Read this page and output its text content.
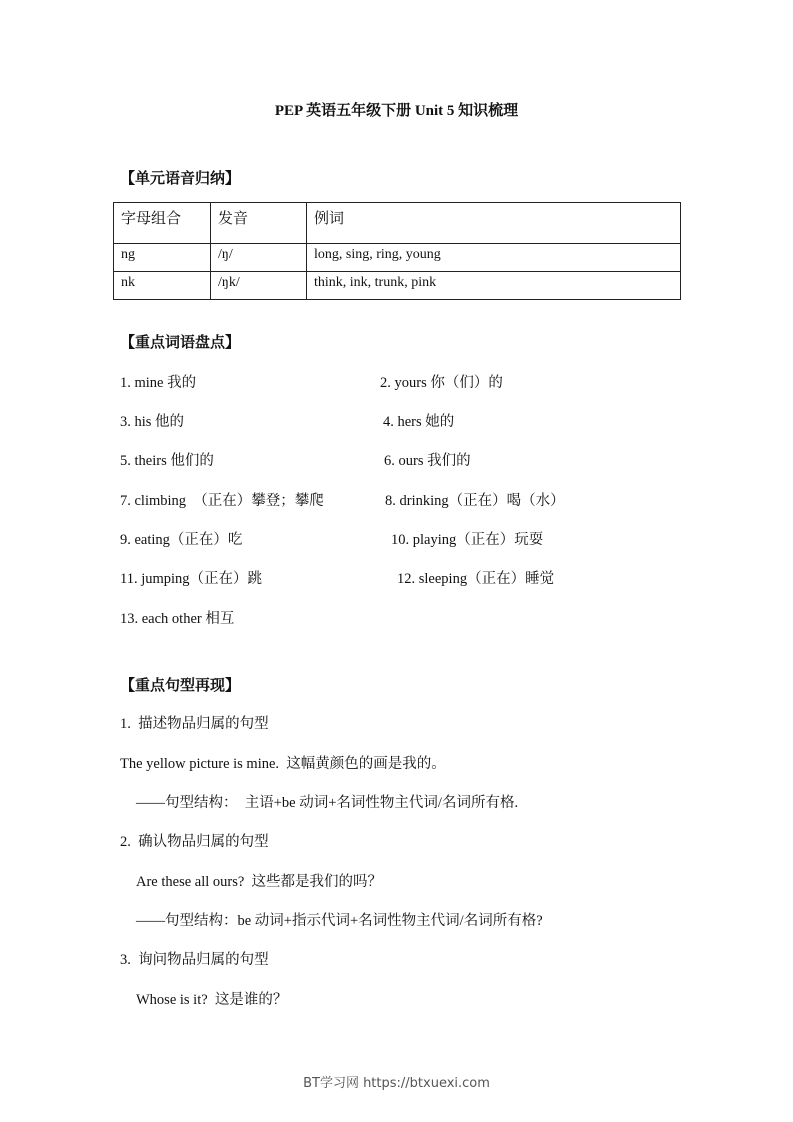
PEP 英语五年级下册 Unit 5 知识梳理
【单元语音归纳】
字母组合	发音	例词
ng	/ŋ/	long, sing, ring, young
nk	/ŋk/	think, ink, trunk, pink
【重点词语盘点】
1. mine 我的	2. yours 你（们）的
3. his 他的	4. hers 她的
5. theirs 他们的	6. ours 我们的
7. climbing  （正在）攀登；攀爬	8. drinking（正在）喝（水）
9. eating（正在）吃	10. playing（正在）玩耍
11. jumping（正在）跳	12. sleeping（正在）睡觉
13. each other 相互
【重点句型再现】
1.  描述物品归属的句型
The yellow picture is mine.  这幅黄颜色的画是我的。
——句型结构：  主语+be 动词+名词性物主代词/名词所有格.
2.  确认物品归属的句型
Are these all ours?  这些都是我们的吗？
——句型结构：be 动词+指示代词+名词性物主代词/名词所有格?
3.  询问物品归属的句型
Whose is it?  这是谁的？
BT学习网 https://btxuexi.com
